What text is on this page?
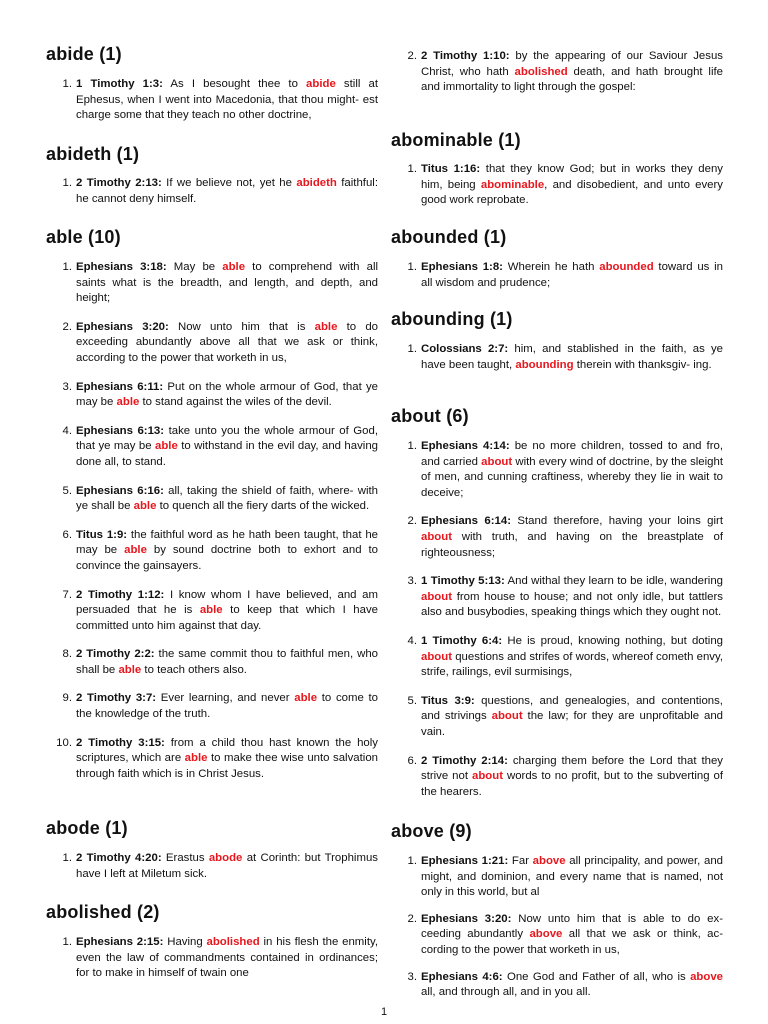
abide (1)
1. 1 Timothy 1:3: As I besought thee to abide still at Ephesus, when I went into Macedonia, that thou might- est charge some that they teach no other doctrine,
abideth (1)
1. 2 Timothy 2:13: If we believe not, yet he abideth faithful: he cannot deny himself.
able (10)
1. Ephesians 3:18: May be able to comprehend with all saints what is the breadth, and length, and depth, and height;
2. Ephesians 3:20: Now unto him that is able to do exceeding abundantly above all that we ask or think, according to the power that worketh in us,
3. Ephesians 6:11: Put on the whole armour of God, that ye may be able to stand against the wiles of the devil.
4. Ephesians 6:13: take unto you the whole armour of God, that ye may be able to withstand in the evil day, and having done all, to stand.
5. Ephesians 6:16: all, taking the shield of faith, where- with ye shall be able to quench all the fiery darts of the wicked.
6. Titus 1:9: the faithful word as he hath been taught, that he may be able by sound doctrine both to exhort and to convince the gainsayers.
7. 2 Timothy 1:12: I know whom I have believed, and am persuaded that he is able to keep that which I have committed unto him against that day.
8. 2 Timothy 2:2: the same commit thou to faithful men, who shall be able to teach others also.
9. 2 Timothy 3:7: Ever learning, and never able to come to the knowledge of the truth.
10. 2 Timothy 3:15: from a child thou hast known the holy scriptures, which are able to make thee wise unto salvation through faith which is in Christ Jesus.
abode (1)
1. 2 Timothy 4:20: Erastus abode at Corinth: but Trophimus have I left at Miletum sick.
abolished (2)
1. Ephesians 2:15: Having abolished in his flesh the enmity, even the law of commandments contained in ordinances; for to make in himself of twain one
2. 2 Timothy 1:10: by the appearing of our Saviour Jesus Christ, who hath abolished death, and hath brought life and immortality to light through the gospel:
abominable (1)
1. Titus 1:16: that they know God; but in works they deny him, being abominable, and disobedient, and unto every good work reprobate.
abounded (1)
1. Ephesians 1:8: Wherein he hath abounded toward us in all wisdom and prudence;
abounding (1)
1. Colossians 2:7: him, and stablished in the faith, as ye have been taught, abounding therein with thanksgiv- ing.
about (6)
1. Ephesians 4:14: be no more children, tossed to and fro, and carried about with every wind of doctrine, by the sleight of men, and cunning craftiness, whereby they lie in wait to deceive;
2. Ephesians 6:14: Stand therefore, having your loins girt about with truth, and having on the breastplate of righteousness;
3. 1 Timothy 5:13: And withal they learn to be idle, wandering about from house to house; and not only idle, but tattlers also and busybodies, speaking things which they ought not.
4. 1 Timothy 6:4: He is proud, knowing nothing, but doting about questions and strifes of words, whereof cometh envy, strife, railings, evil surmisings,
5. Titus 3:9: questions, and genealogies, and contentions, and strivings about the law; for they are unprofitable and vain.
6. 2 Timothy 2:14: charging them before the Lord that they strive not about words to no profit, but to the subverting of the hearers.
above (9)
1. Ephesians 1:21: Far above all principality, and power, and might, and dominion, and every name that is named, not only in this world, but al
2. Ephesians 3:20: Now unto him that is able to do ex- ceeding abundantly above all that we ask or think, ac- cording to the power that worketh in us,
3. Ephesians 4:6: One God and Father of all, who is above all, and through all, and in you all.
1
